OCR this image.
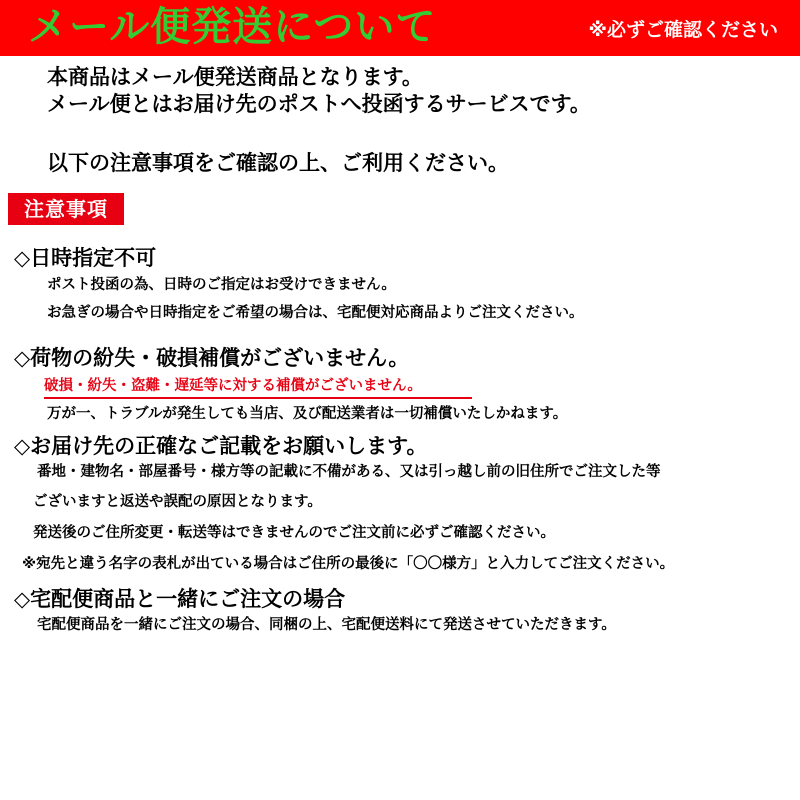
メール便発送について	※必ずご確認ください
本商品はメール便発送商品となります。
メール便とはお届け先のポストへ投函するサービスです。
以下の注意事項をご確認の上、ご利用ください。
注意事項
◇日時指定不可
ポスト投函の為、日時のご指定はお受けできません。
お急ぎの場合や日時指定をご希望の場合は、宅配便対応商品よりご注文ください。
◇荷物の紛失・破損補償がございません。
破損・紛失・盗難・遅延等に対する補償がございません。
万が一、トラブルが発生しても当店、及び配送業者は一切補償いたしかねます。
◇お届け先の正確なご記載をお願いします。
番地・建物名・部屋番号・様方等の記載に不備がある、又は引っ越し前の旧住所でご注文した等
ございますと返送や誤配の原因となります。
発送後のご住所変更・転送等はできませんのでご注文前に必ずご確認ください。
※宛先と違う名字の表札が出ている場合はご住所の最後に「〇〇様方」と入力してご注文ください。
◇宅配便商品と一緒にご注文の場合
宅配便商品を一緒にご注文の場合、同梱の上、宅配便送料にて発送させていただきます。
